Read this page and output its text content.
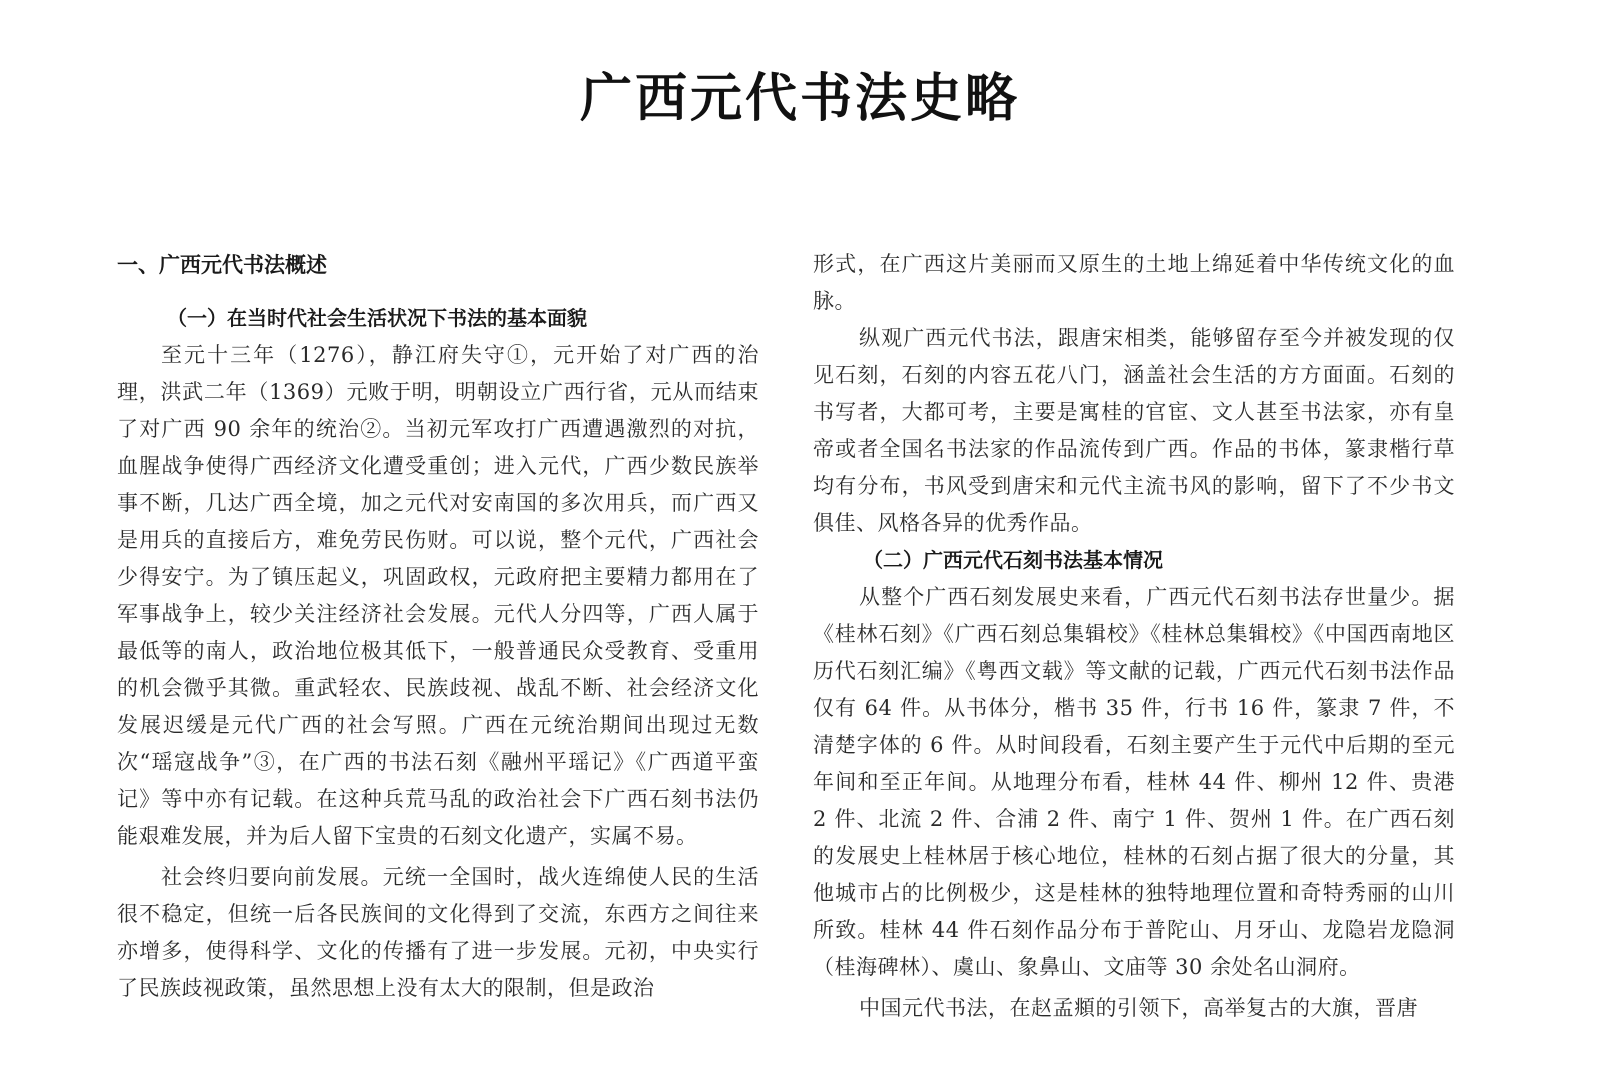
广西元代书法史略
一、广西元代书法概述
（一）在当时代社会生活状况下书法的基本面貌

至元十三年（1276），静江府失守①，元开始了对广西的治理，洪武二年（1369）元败于明，明朝设立广西行省，元从而结束了对广西 90 余年的统治②。当初元军攻打广西遭遇激烈的对抗，血腥战争使得广西经济文化遭受重创；进入元代，广西少数民族举事不断，几达广西全境，加之元代对安南国的多次用兵，而广西又是用兵的直接后方，难免劳民伤财。可以说，整个元代，广西社会少得安宁。为了镇压起义，巩固政权，元政府把主要精力都用在了军事战争上，较少关注经济社会发展。元代人分四等，广西人属于最低等的南人，政治地位极其低下，一般普通民众受教育、受重用的机会微乎其微。重武轻农、民族歧视、战乱不断、社会经济文化发展迟缓是元代广西的社会写照。广西在元统治期间出现过无数次“瑶寇战争”③，在广西的书法石刻《融州平瑶记》《广西道平蛮记》等中亦有记载。在这种兵荒马乱的政治社会下广西石刻书法仍能艰难发展，并为后人留下宝贵的石刻文化遗产，实属不易。

社会终归要向前发展。元统一全国时，战火连绵使人民的生活很不稳定，但统一后各民族间的文化得到了交流，东西方之间往来亦增多，使得科学、文化的传播有了进一步发展。元初，中央实行了民族歧视政策，虽然思想上没有太大的限制，但是政治

形式，在广西这片美丽而又原生的土地上绵延着中华传统文化的血脉。

纵观广西元代书法，跟唐宋相类，能够留存至今并被发现的仅见石刻，石刻的内容五花八门，涵盖社会生活的方方面面。石刻的书写者，大都可考，主要是寓桂的官宦、文人甚至书法家，亦有皇帝或者全国名书法家的作品流传到广西。作品的书体，篆隶楷行草均有分布，书风受到唐宋和元代主流书风的影响，留下了不少书文俱佳、风格各异的优秀作品。

（二）广西元代石刻书法基本情况

从整个广西石刻发展史来看，广西元代石刻书法存世量少。据《桂林石刻》《广西石刻总集辑校》《桂林总集辑校》《中国西南地区历代石刻汇编》《粤西文载》等文献的记载，广西元代石刻书法作品仅有 64 件。从书体分，楷书 35 件，行书 16 件，篆隶 7 件，不清楚字体的 6 件。从时间段看，石刻主要产生于元代中后期的至元年间和至正年间。从地理分布看，桂林 44 件、柳州 12 件、贵港 2 件、北流 2 件、合浦 2 件、南宁 1 件、贺州 1 件。在广西石刻的发展史上桂林居于核心地位，桂林的石刻占据了很大的分量，其他城市占的比例极少，这是桂林的独特地理位置和奇特秀丽的山川所致。桂林 44 件石刻作品分布于普陀山、月牙山、龙隐岩龙隐洞（桂海碑林）、虞山、象鼻山、文庙等 30 余处名山洞府。

中国元代书法，在赵孟頫的引领下，高举复古的大旗，晋唐
